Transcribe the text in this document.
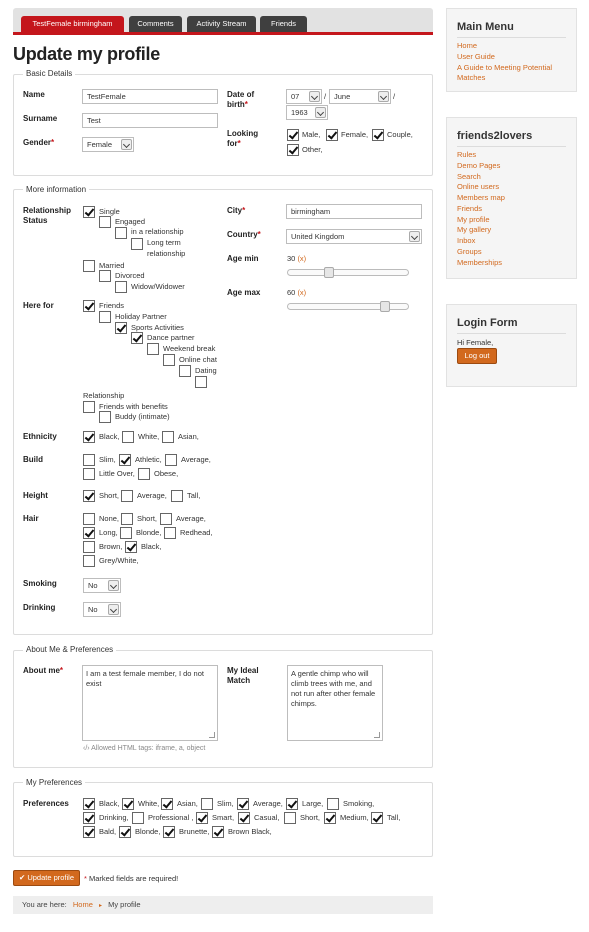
TestFemale birmingham	Comments	Activity Stream	Friends
Update my profile
Basic Details
Name	TestFemale
Surname	Test
Gender*	Female
Date of
birth*
07	/	June	/
1963
Looking
for*
Male,	Female,	Couple,
Other,
More information
Relationship
Status
Single
Engaged
in a relationship
Long term
relationship
Married
Divorced
Widow/Widower
Here for	Friends
Holiday Partner
Sports Activities
Dance partner
Weekend break
Online chat
Dating
Relationship
Friends with benefits
Buddy (intimate)
City*	birmingham
Country*	United Kingdom
Age min	30 (x)
Age max	60 (x)
Ethnicity	Black, White, Asian,
Build	Slim,	Athletic,	Average,
Little Over,	Obese,
Height	Short, Average,	Tall,
Hair	None, Short,	Average,
Long, Blonde, Redhead,
Brown, Black,
Grey/White,
Smoking	No
Drinking	No
About Me & Preferences
About me*	I am a test female member, I do not exist
‹/› Allowed HTML tags: iframe, a, object
My Ideal
Match
A gentle chimp who will climb trees with me, and not run after other female chimps.
My Preferences
Preferences	Black, White, Asian,	Slim,	Average,	Large,	Smoking,
Drinking,	Professional , Smart,	Casual,	Short,	Medium, Tall,
Bald,	Blonde, Brunette, Brown Black,
✔ Update profile	* Marked fields are required!
You are here: Home ▸ My profile
Main Menu
Home
User Guide
A Guide to Meeting Potential
Matches
friends2lovers
Rules
Demo Pages
Search
Online users
Members map
Friends
My profile
My gallery
Inbox
Groups
Memberships
Login Form
Hi Female,
Log out
